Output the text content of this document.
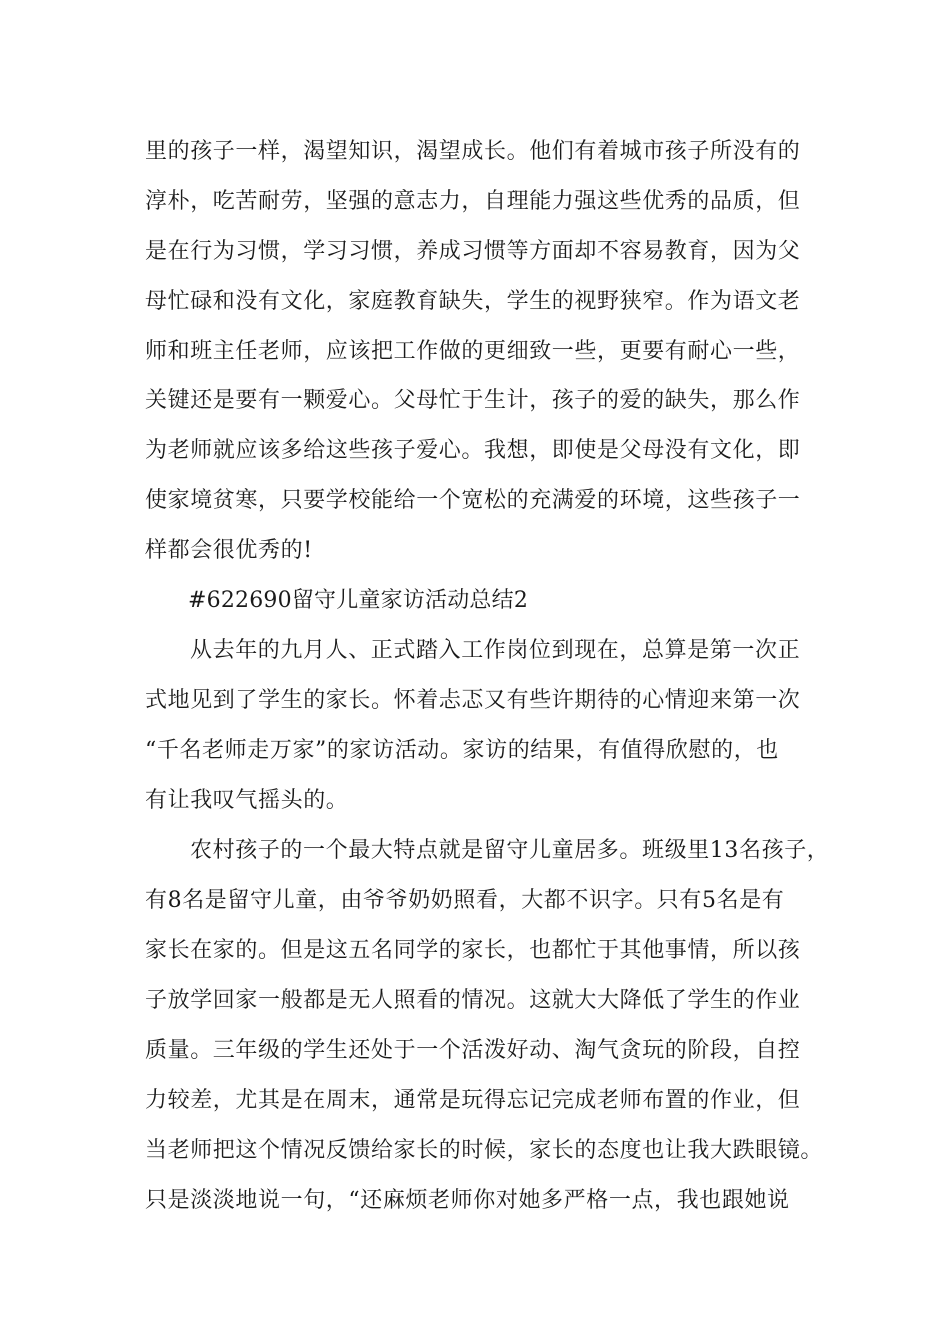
里的孩子一样，渴望知识，渴望成长。他们有着城市孩子所没有的
淳朴，吃苦耐劳，坚强的意志力，自理能力强这些优秀的品质，但
是在行为习惯，学习习惯，养成习惯等方面却不容易教育，因为父
母忙碌和没有文化，家庭教育缺失，学生的视野狭窄。作为语文老
师和班主任老师，应该把工作做的更细致一些，更要有耐心一些，
关键还是要有一颗爱心。父母忙于生计，孩子的爱的缺失，那么作
为老师就应该多给这些孩子爱心。我想，即使是父母没有文化，即
使家境贫寒，只要学校能给一个宽松的充满爱的环境，这些孩子一
样都会很优秀的!
#622690留守儿童家访活动总结2
从去年的九月人、正式踏入工作岗位到现在，总算是第一次正
式地见到了学生的家长。怀着忐忑又有些许期待的心情迎来第一次
“千名老师走万家”的家访活动。家访的结果，有值得欣慰的，也
有让我叹气摇头的。
农村孩子的一个最大特点就是留守儿童居多。班级里13名孩子，
有8名是留守儿童，由爷爷奶奶照看，大都不识字。只有5名是有
家长在家的。但是这五名同学的家长，也都忙于其他事情，所以孩
子放学回家一般都是无人照看的情况。这就大大降低了学生的作业
质量。三年级的学生还处于一个活泼好动、淘气贪玩的阶段，自控
力较差，尤其是在周末，通常是玩得忘记完成老师布置的作业，但
当老师把这个情况反馈给家长的时候，家长的态度也让我大跌眼镜。
只是淡淡地说一句，“还麻烦老师你对她多严格一点，我也跟她说
